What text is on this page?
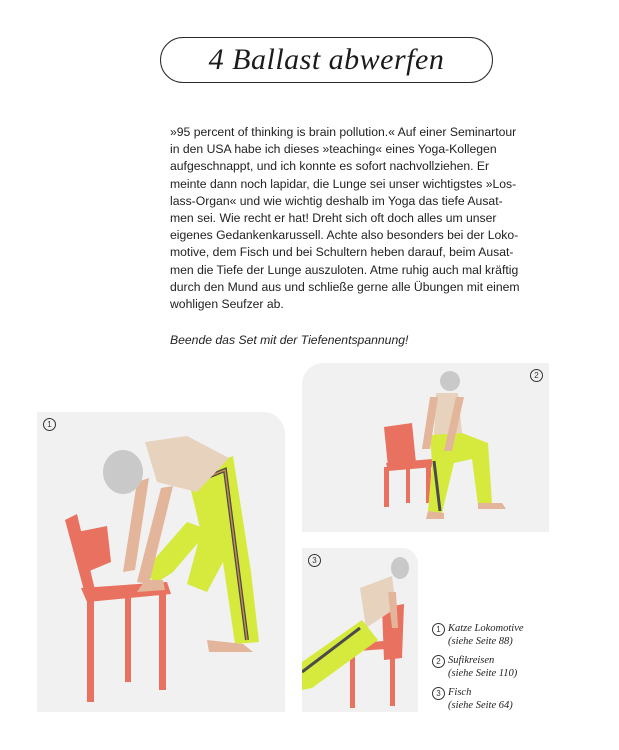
4 Ballast abwerfen
»95 percent of thinking is brain pollution.« Auf einer Seminartour
in den USA habe ich dieses »teaching« eines Yoga-Kollegen
aufgeschnappt, und ich konnte es sofort nachvollziehen. Er
meinte dann noch lapidar, die Lunge sei unser wichtigstes »Los-
lass-Organ« und wie wichtig deshalb im Yoga das tiefe Ausat-
men sei. Wie recht er hat! Dreht sich oft doch alles um unser
eigenes Gedankenkarussell. Achte also besonders bei der Loko-
motive, dem Fisch und bei Schultern heben darauf, beim Ausat-
men die Tiefe der Lunge auszuloten. Atme ruhig auch mal kräftig
durch den Mund aus und schließe gerne alle Übungen mit einem
wohligen Seufzer ab.
Beende das Set mit der Tiefenentspannung!
1
2
3
1 Katze Lokomotive
(siehe Seite 88)
2 Sufikreisen
(siehe Seite 110)
3 Fisch
(siehe Seite 64)
